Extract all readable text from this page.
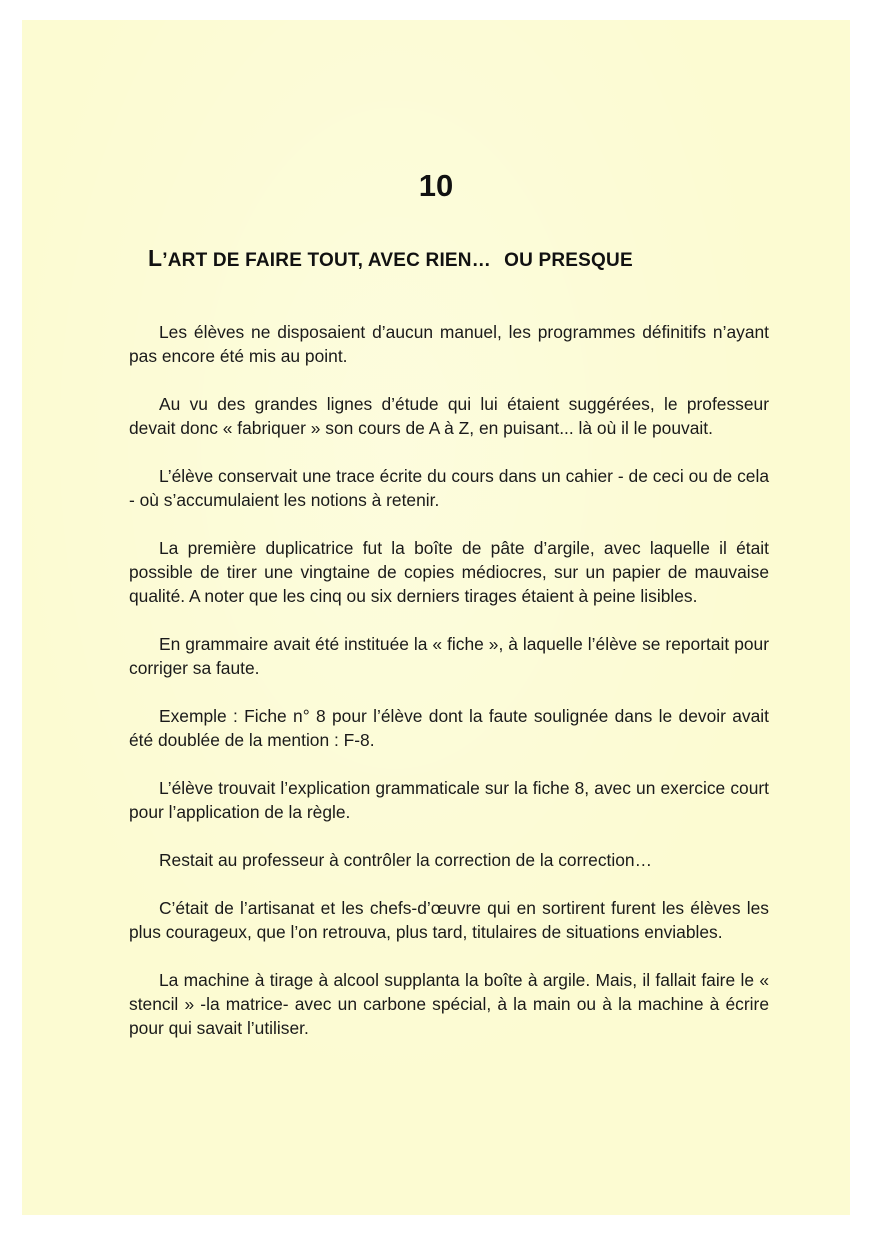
10
L’ART DE FAIRE TOUT, AVEC RIEN… OU PRESQUE

Les élèves ne disposaient d’aucun manuel, les programmes définitifs n’ayant pas encore été mis au point.

Au vu des grandes lignes d’étude qui lui étaient suggérées, le professeur devait donc « fabriquer » son cours de A à Z, en puisant... là où il le pouvait.

L’élève conservait une trace écrite du cours dans un cahier - de ceci ou de cela - où s’accumulaient les notions à retenir.

La première duplicatrice fut la boîte de pâte d’argile, avec laquelle il était possible de tirer une vingtaine de copies médiocres, sur un papier de mauvaise qualité. A noter que les cinq ou six derniers tirages étaient à peine lisibles.

En grammaire avait été instituée la « fiche », à laquelle l’élève se reportait pour corriger sa faute.

Exemple : Fiche n° 8 pour l’élève dont la faute soulignée dans le devoir avait été doublée de la mention : F-8.

L’élève trouvait l’explication grammaticale sur la fiche 8, avec un exercice court pour l’application de la règle.

Restait au professeur à contrôler la correction de la correction…

C’était de l’artisanat et les chefs-d’œuvre qui en sortirent furent les élèves les plus courageux, que l’on retrouva, plus tard, titulaires de situations enviables.

La machine à tirage à alcool supplanta la boîte à argile. Mais, il fallait faire le « stencil » -la matrice- avec un carbone spécial, à la main ou à la machine à écrire pour qui savait l’utiliser.
